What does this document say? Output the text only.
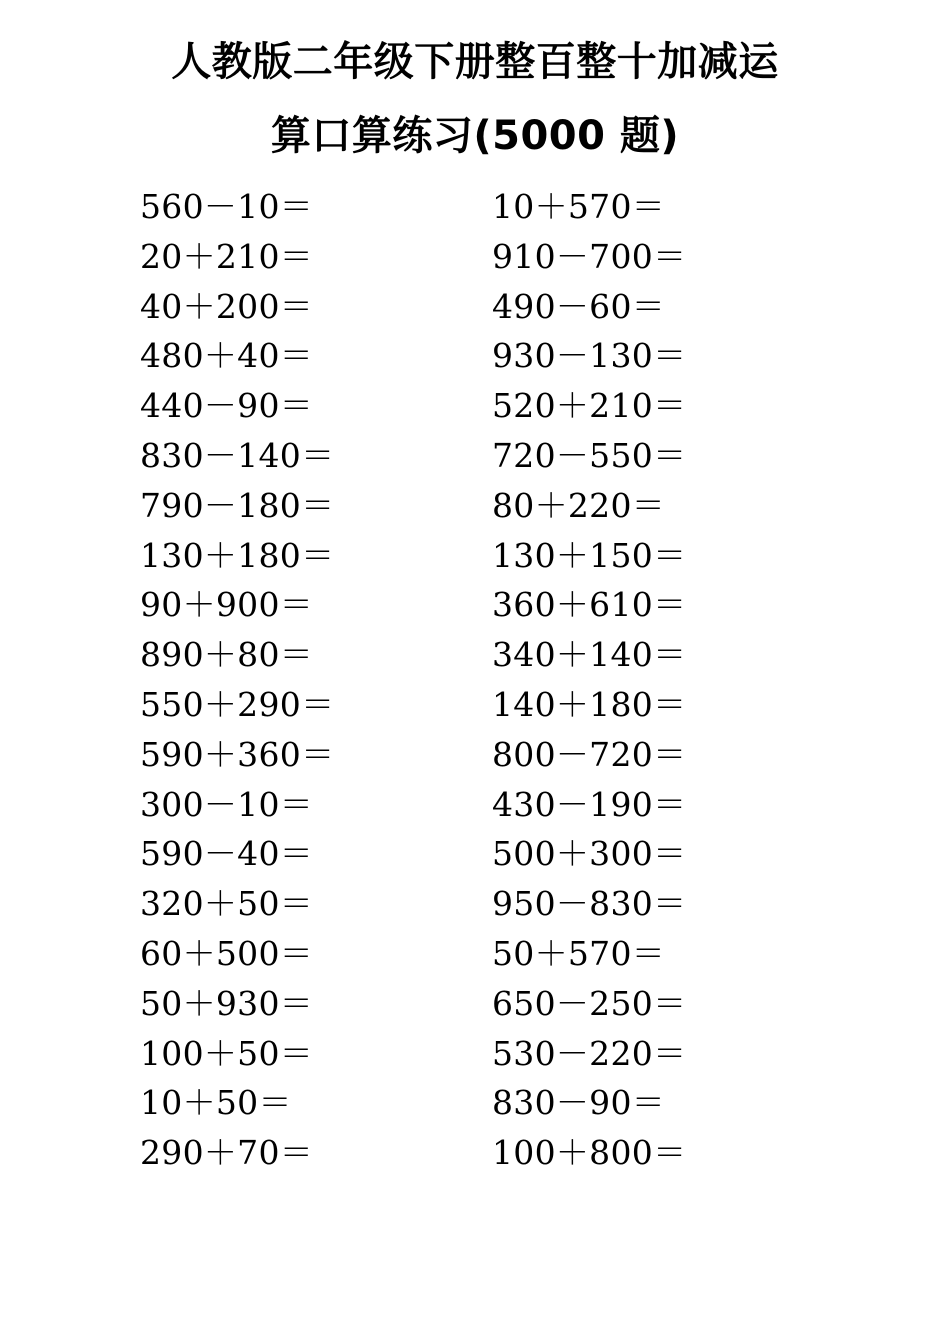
人教版二年级下册整百整十加减运
算口算练习(5000 题)
560－10＝
20＋210＝
40＋200＝
480＋40＝
440－90＝
830－140＝
790－180＝
130＋180＝
90＋900＝
890＋80＝
550＋290＝
590＋360＝
300－10＝
590－40＝
320＋50＝
60＋500＝
50＋930＝
100＋50＝
10＋50＝
290＋70＝
10＋570＝
910－700＝
490－60＝
930－130＝
520＋210＝
720－550＝
80＋220＝
130＋150＝
360＋610＝
340＋140＝
140＋180＝
800－720＝
430－190＝
500＋300＝
950－830＝
50＋570＝
650－250＝
530－220＝
830－90＝
100＋800＝
